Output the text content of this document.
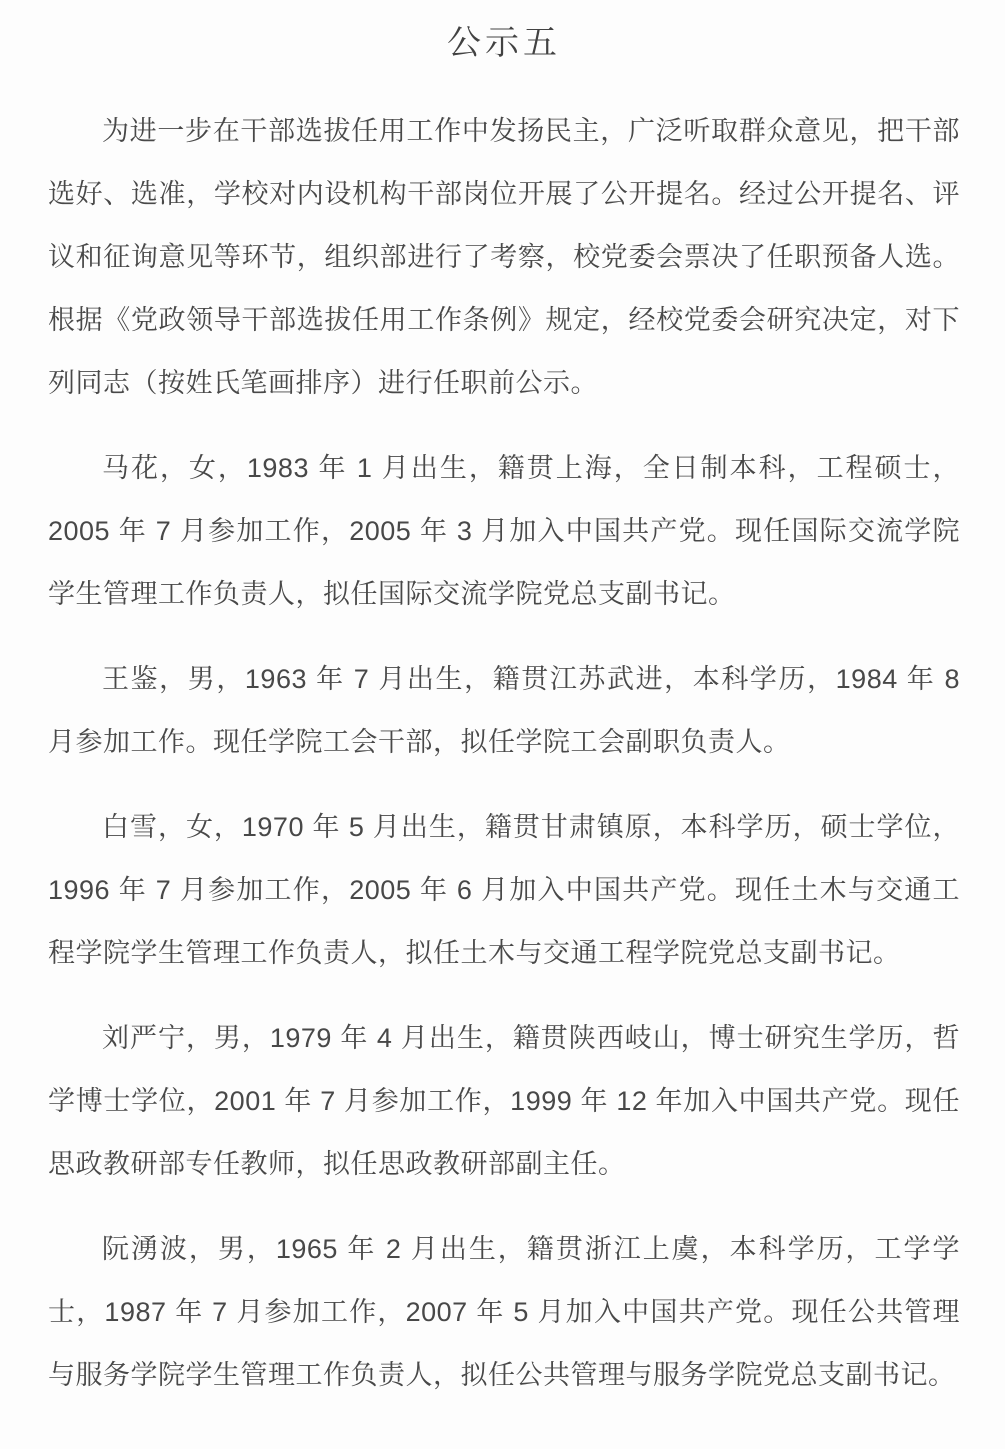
公示五

为进一步在干部选拔任用工作中发扬民主，广泛听取群众意见，把干部选好、选准，学校对内设机构干部岗位开展了公开提名。经过公开提名、评议和征询意见等环节，组织部进行了考察，校党委会票决了任职预备人选。根据《党政领导干部选拔任用工作条例》规定，经校党委会研究决定，对下列同志（按姓氏笔画排序）进行任职前公示。

马花，女，1983 年 1 月出生，籍贯上海，全日制本科，工程硕士，2005 年 7 月参加工作，2005 年 3 月加入中国共产党。现任国际交流学院学生管理工作负责人，拟任国际交流学院党总支副书记。

王鉴，男，1963 年 7 月出生，籍贯江苏武进，本科学历，1984 年 8 月参加工作。现任学院工会干部，拟任学院工会副职负责人。

白雪，女，1970 年 5 月出生，籍贯甘肃镇原，本科学历，硕士学位，1996 年 7 月参加工作，2005 年 6 月加入中国共产党。现任土木与交通工程学院学生管理工作负责人，拟任土木与交通工程学院党总支副书记。

刘严宁，男，1979 年 4 月出生，籍贯陕西岐山，博士研究生学历，哲学博士学位，2001 年 7 月参加工作，1999 年 12 年加入中国共产党。现任思政教研部专任教师，拟任思政教研部副主任。

阮湧波，男，1965 年 2 月出生，籍贯浙江上虞，本科学历，工学学士，1987 年 7 月参加工作，2007 年 5 月加入中国共产党。现任公共管理与服务学院学生管理工作负责人，拟任公共管理与服务学院党总支副书记。
